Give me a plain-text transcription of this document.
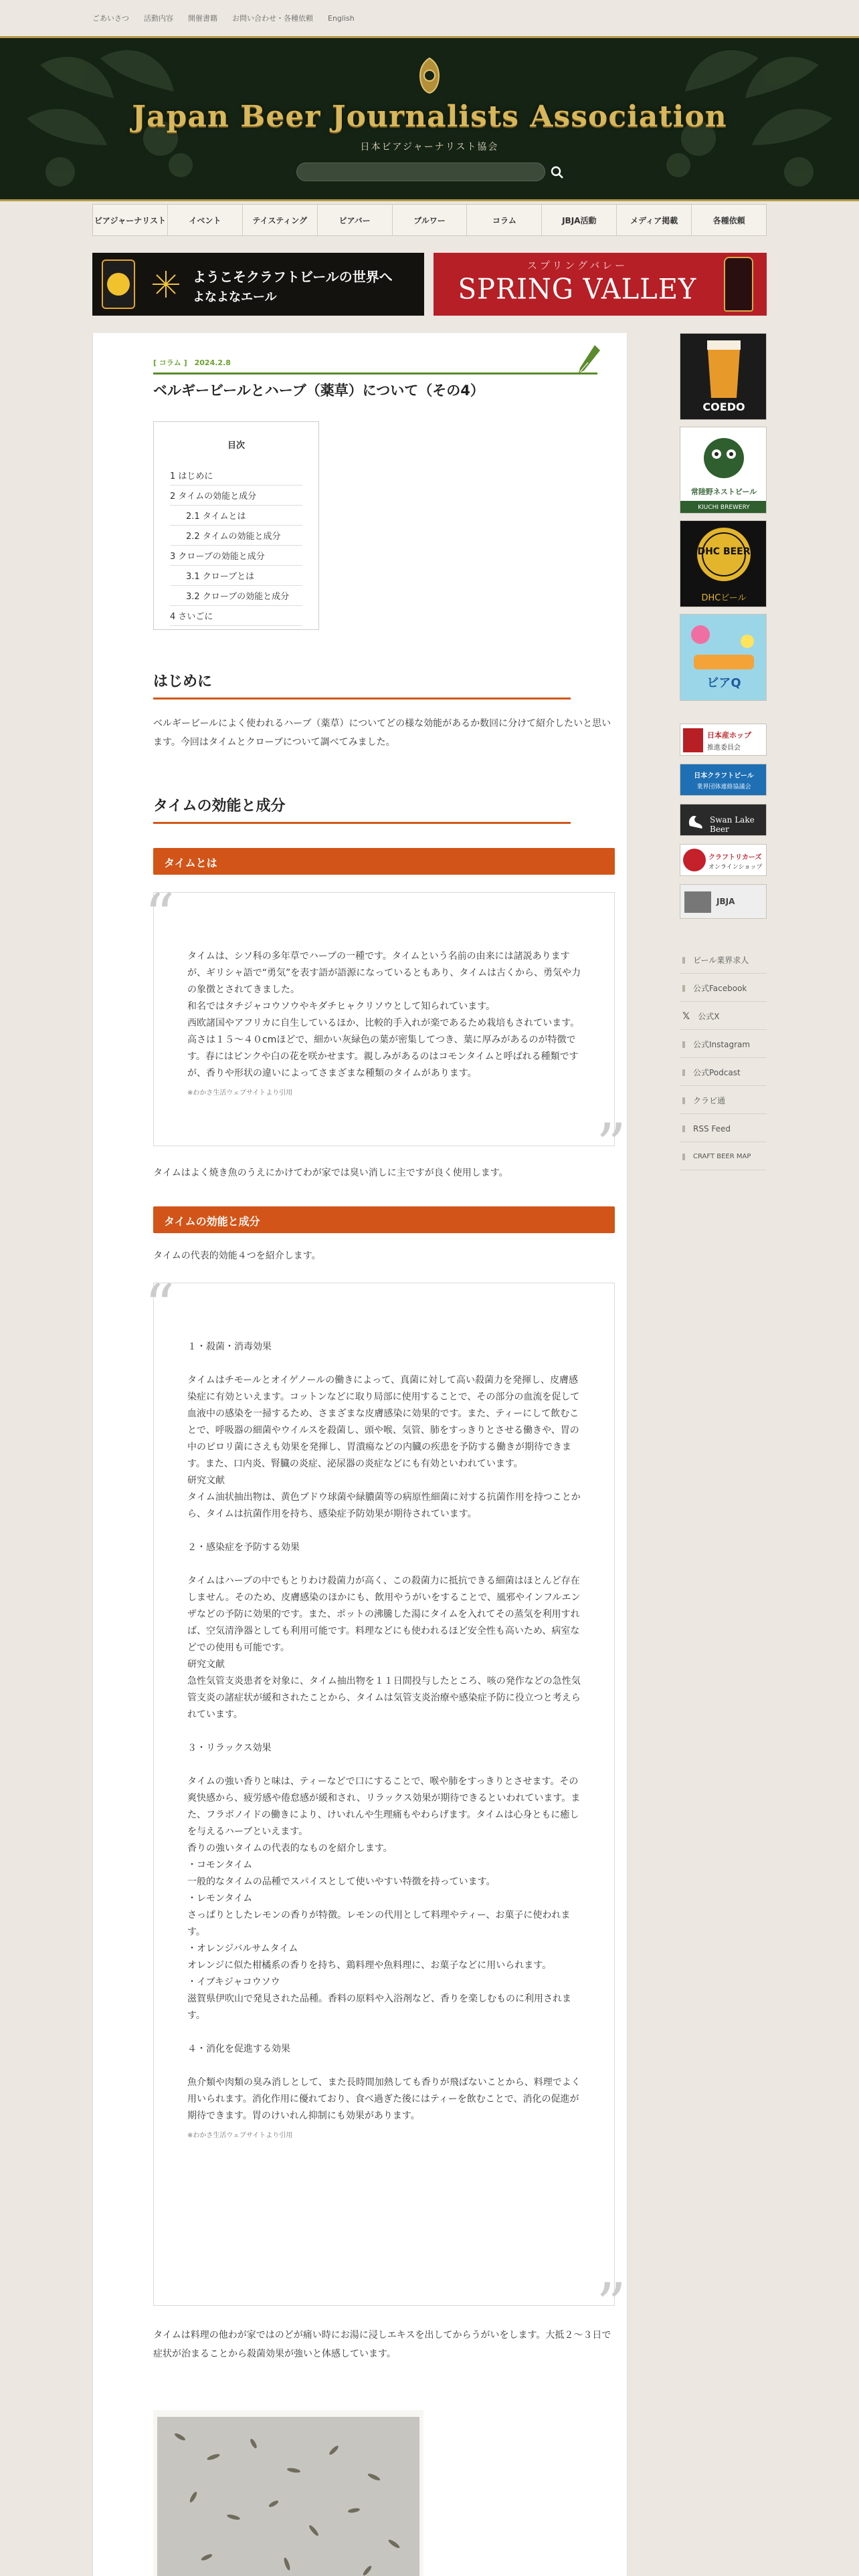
ごあいさつ 活動内容 開催書籍 お問い合わせ・各種依頼 English
Japan Beer Journalists Association
日本ビアジャーナリスト協会
ビアジャーナリスト	イベント	テイスティング	ビアバー	ブルワー	コラム	JBJA活動	メディア掲載	各種依頼
ようこそクラフトビールの世界へ
よなよなエール
スプリングバレー
SPRING VALLEY
[ コラム ]　2024.2.8
ベルギービールとハーブ（薬草）について（その4）
目次
1 はじめに
2 タイムの効能と成分
2.1 タイムとは
2.2 タイムの効能と成分
3 クローブの効能と成分
3.1 クローブとは
3.2 クローブの効能と成分
4 さいごに
はじめに

ベルギービールによく使われるハーブ（薬草）についてどの様な効能があるか数回に分けて紹介したいと思います。今回はタイムとクローブについて調べてみました。

タイムの効能と成分
タイムとは
“

タイムは、シソ科の多年草でハーブの一種です。タイムという名前の由来には諸説ありますが、ギリシャ語で“勇気”を表す語が語源になっているともあり、タイムは古くから、勇気や力の象徴とされてきました。
和名ではタチジャコウソウやキダチヒャクリソウとして知られています。
西欧諸国やアフリカに自生しているほか、比較的手入れが楽であるため栽培もされています。高さは１５～４０cmほどで、細かい灰緑色の葉が密集してつき、葉に厚みがあるのが特徴です。春にはピンクや白の花を咲かせます。親しみがあるのはコモンタイムと呼ばれる種類ですが、香りや形状の違いによってさまざまな種類のタイムがあります。

※わかさ生活ウェブサイトより引用

”

タイムはよく焼き魚のうえにかけてわが家では臭い消しに主ですが良く使用します。

タイムの効能と成分

タイムの代表的効能４つを紹介します。

“

１・殺菌・消毒効果

タイムはチモールとオイゲノールの働きによって、真菌に対して高い殺菌力を発揮し、皮膚感染症に有効といえます。コットンなどに取り局部に使用することで、その部分の血流を促して血液中の感染を一掃するため、さまざまな皮膚感染に効果的です。また、ティーにして飲むことで、呼吸器の細菌やウイルスを殺菌し、頭や喉、気管、肺をすっきりとさせる働きや、胃の中のピロリ菌にさえも効果を発揮し、胃潰瘍などの内臓の疾患を予防する働きが期待できます。また、口内炎、腎臓の炎症、泌尿器の炎症などにも有効といわれています。
研究文献
タイム油状抽出物は、黄色ブドウ球菌や緑膿菌等の病原性細菌に対する抗菌作用を持つことから、タイムは抗菌作用を持ち、感染症予防効果が期待されています。

２・感染症を予防する効果

タイムはハーブの中でもとりわけ殺菌力が高く、この殺菌力に抵抗できる細菌はほとんど存在しません。そのため、皮膚感染のほかにも、飲用やうがいをすることで、風邪やインフルエンザなどの予防に効果的です。また、ポットの沸騰した湯にタイムを入れてその蒸気を利用すれば、空気清浄器としても利用可能です。料理などにも使われるほど安全性も高いため、病室などでの使用も可能です。
研究文献
急性気管支炎患者を対象に、タイム抽出物を１１日間投与したところ、咳の発作などの急性気管支炎の諸症状が緩和されたことから、タイムは気管支炎治療や感染症予防に役立つと考えられています。

３・リラックス効果

タイムの強い香りと味は、ティーなどで口にすることで、喉や肺をすっきりとさせます。その爽快感から、疲労感や倦怠感が緩和され、リラックス効果が期待できるといわれています。また、フラボノイドの働きにより、けいれんや生理痛もやわらげます。タイムは心身ともに癒しを与えるハーブといえます。
香りの強いタイムの代表的なものを紹介します。
・コモンタイム
一般的なタイムの品種でスパイスとして使いやすい特徴を持っています。
・レモンタイム
さっぱりとしたレモンの香りが特徴。レモンの代用として料理やティー、お菓子に使われます。
・オレンジバルサムタイム
オレンジに似た柑橘系の香りを持ち、鶏料理や魚料理に、お菓子などに用いられます。
・イブキジャコウソウ
滋賀県伊吹山で発見された品種。香料の原料や入浴剤など、香りを楽しむものに利用されます。

４・消化を促進する効果

魚介類や肉類の臭み消しとして、また長時間加熱しても香りが飛ばないことから、料理でよく用いられます。消化作用に優れており、食べ過ぎた後にはティーを飲むことで、消化の促進が期待できます。胃のけいれん抑制にも効果があります。

※わかさ生活ウェブサイトより引用

”

タイムは料理の他わが家ではのどが痛い時にお湯に浸しエキスを出してからうがいをします。大抵２～３日で症状が治まることから殺菌効果が強いと体感しています。

COEDO
常陸野ネストビール
KIUCHI BREWERY
DHC BEER
DHCビール
ビアQ
日本産ホップ
推進委員会
日本クラフトビール
業界団体連絡協議会
Swan Lake Beer
クラフトリカーズ
オンラインショップ
JBJA
ビール業界求人
公式Facebook
𝕏 公式X
公式Instagram
公式Podcast
クラビ通
RSS Feed
CRAFT BEER MAP
